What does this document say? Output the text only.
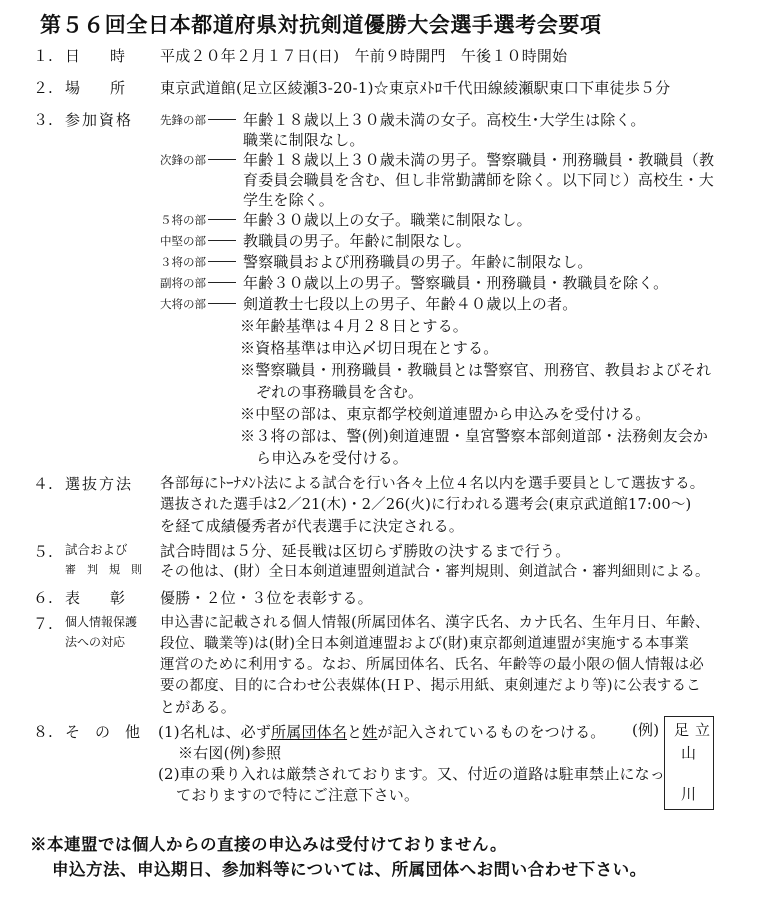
第５６回全日本都道府県対抗剣道優勝大会選手選考会要項
１. 日　　時 平成２０年２月１７日(日)　午前９時開門　午後１０時開始
２. 場　　所 東京武道館(足立区綾瀬3-20-1)☆東京ﾒﾄﾛ千代田線綾瀬駅東口下車徒歩５分
３. 参加資格 先鋒の部	年齢１８歳以上３０歳未満の女子。高校生･大学生は除く。
職業に制限なし。
次鋒の部	年齢１８歳以上３０歳未満の男子。警察職員・刑務職員・教職員（教
育委員会職員を含む、但し非常勤講師を除く。以下同じ）高校生・大
学生を除く。
５将の部	年齢３０歳以上の女子。職業に制限なし。
中堅の部	教職員の男子。年齢に制限なし。
３将の部	警察職員および刑務職員の男子。年齢に制限なし。
副将の部	年齢３０歳以上の男子。警察職員・刑務職員・教職員を除く。
大将の部	剣道教士七段以上の男子、年齢４０歳以上の者。
※年齢基準は４月２８日とする。
※資格基準は申込〆切日現在とする。
※警察職員・刑務職員・教職員とは警察官、刑務官、教員およびそれ
ぞれの事務職員を含む。
※中堅の部は、東京都学校剣道連盟から申込みを受付ける。
※３将の部は、警(例)剣道連盟・皇宮警察本部剣道部・法務剣友会か
ら申込みを受付ける。
４. 選抜方法 各部毎にﾄｰﾅﾒﾝﾄ法による試合を行い各々上位４名以内を選手要員として選抜する。
選抜された選手は2／21(木)・2／26(火)に行われる選考会(東京武道館17:00〜)
を経て成績優秀者が代表選手に決定される。
５. 試合および
審　判　規　則
試合時間は５分、延長戦は区切らず勝敗の決するまで行う。
その他は、(財）全日本剣道連盟剣道試合・審判規則、剣道試合・審判細則による。
６. 表　　彰 優勝・２位・３位を表彰する。
７. 個人情報保護
法への対応
申込書に記載される個人情報(所属団体名、漢字氏名、カナ氏名、生年月日、年齢、
段位、職業等)は(財)全日本剣道連盟および(財)東京都剣道連盟が実施する本事業
運営のために利用する。なお、所属団体名、氏名、年齢等の最小限の個人情報は必
要の都度、目的に合わせ公表媒体(ＨＰ、掲示用紙、東剣連だより等)に公表するこ
とがある。
８. そ　の　他 (1)名札は、必ず所属団体名と姓が記入されているものをつける。
※右図(例)参照
(2)車の乗り入れは厳禁されております。又、付近の道路は駐車禁止になっ
ておりますので特にご注意下さい。
(例) 足 立
山
川
※本連盟では個人からの直接の申込みは受付けておりません。
申込方法、申込期日、参加料等については、所属団体へお問い合わせ下さい。
